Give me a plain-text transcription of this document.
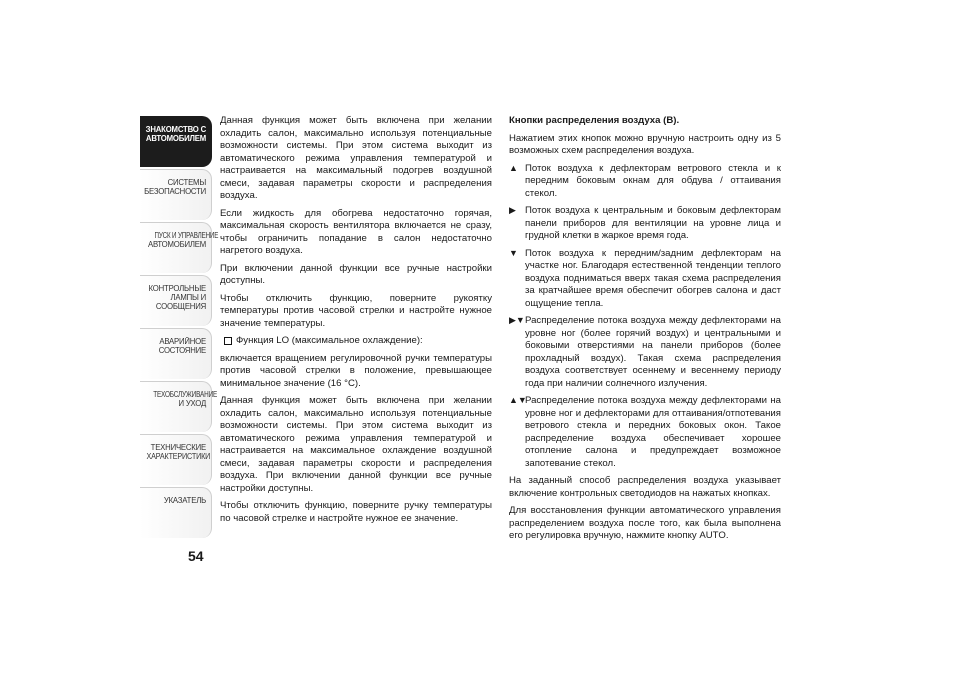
ЗНАКОМСТВО С
АВТОМОБИЛЕМ
СИСТЕМЫ
БЕЗОПАСНОСТИ
ПУСК И УПРАВЛЕНИЕ
АВТОМОБИЛЕМ
КОНТРОЛЬНЫЕ
ЛАМПЫ И
СООБЩЕНИЯ
АВАРИЙНОЕ
СОСТОЯНИЕ
ТЕХОБСЛУЖИВАНИЕ
И УХОД
ТЕХНИЧЕСКИЕ
ХАРАКТЕРИСТИКИ
УКАЗАТЕЛЬ
54

Данная функция может быть включена при желании охладить салон, максимально используя потенциальные возможности системы. При этом система выходит из автоматического режима управления температурой и настраивается на максимальный подогрев воздушной смеси, задавая параметры скорости и распределения воздуха.

Если жидкость для обогрева недостаточно горячая, максимальная скорость вентилятора включается не сразу, чтобы ограничить попадание в салон недостаточно нагретого воздуха.

При включении данной функции все ручные настройки доступны.

Чтобы отключить функцию, поверните рукоятку температуры против часовой стрелки и настройте нужное значение температуры.

Функция LO (максимальное охлаждение):

включается вращением регулировочной ручки температуры против часовой стрелки в положение, превышающее минимальное значение (16 °C).

Данная функция может быть включена при желании охладить салон, максимально используя потенциальные возможности системы. При этом система выходит из автоматического режима управления температурой и настраивается на максимальное охлаждение воздушной смеси, задавая параметры скорости и распределения воздуха. При включении данной функции все ручные настройки доступны.

Чтобы отключить функцию, поверните ручку температуры по часовой стрелке и настройте нужное ее значение.

Кнопки распределения воздуха (B).

Нажатием этих кнопок можно вручную настроить одну из 5 возможных схем распределения воздуха.

▲ Поток воздуха к дефлекторам ветрового стекла и к передним боковым окнам для обдува / оттаивания стекол.
▶ Поток воздуха к центральным и боковым дефлекторам панели приборов для вентиляции на уровне лица и грудной клетки в жаркое время года.
▼ Поток воздуха к передним/задним дефлекторам на участке ног. Благодаря естественной тенденции теплого воздуха подниматься вверх такая схема распределения за кратчайшее время обеспечит обогрев салона и даст ощущение тепла.
▶▼ Распределение потока воздуха между дефлекторами на уровне ног (более горячий воздух) и центральными и боковыми отверстиями на панели приборов (более прохладный воздух). Такая схема распределения воздуха соответствует осеннему и весеннему периоду года при наличии солнечного излучения.
▲▼
Распределение потока воздуха между дефлекторами на уровне ног и дефлекторами для оттаивания/отпотевания ветрового стекла и передних боковых окон. Такое распределение воздуха обеспечивает хорошее отопление салона и предупреждает возможное запотевание стекол.

На заданный способ распределения воздуха указывает включение контрольных светодиодов на нажатых кнопках.

Для восстановления функции автоматического управления распределением воздуха после того, как была выполнена его регулировка вручную, нажмите кнопку AUTO.
